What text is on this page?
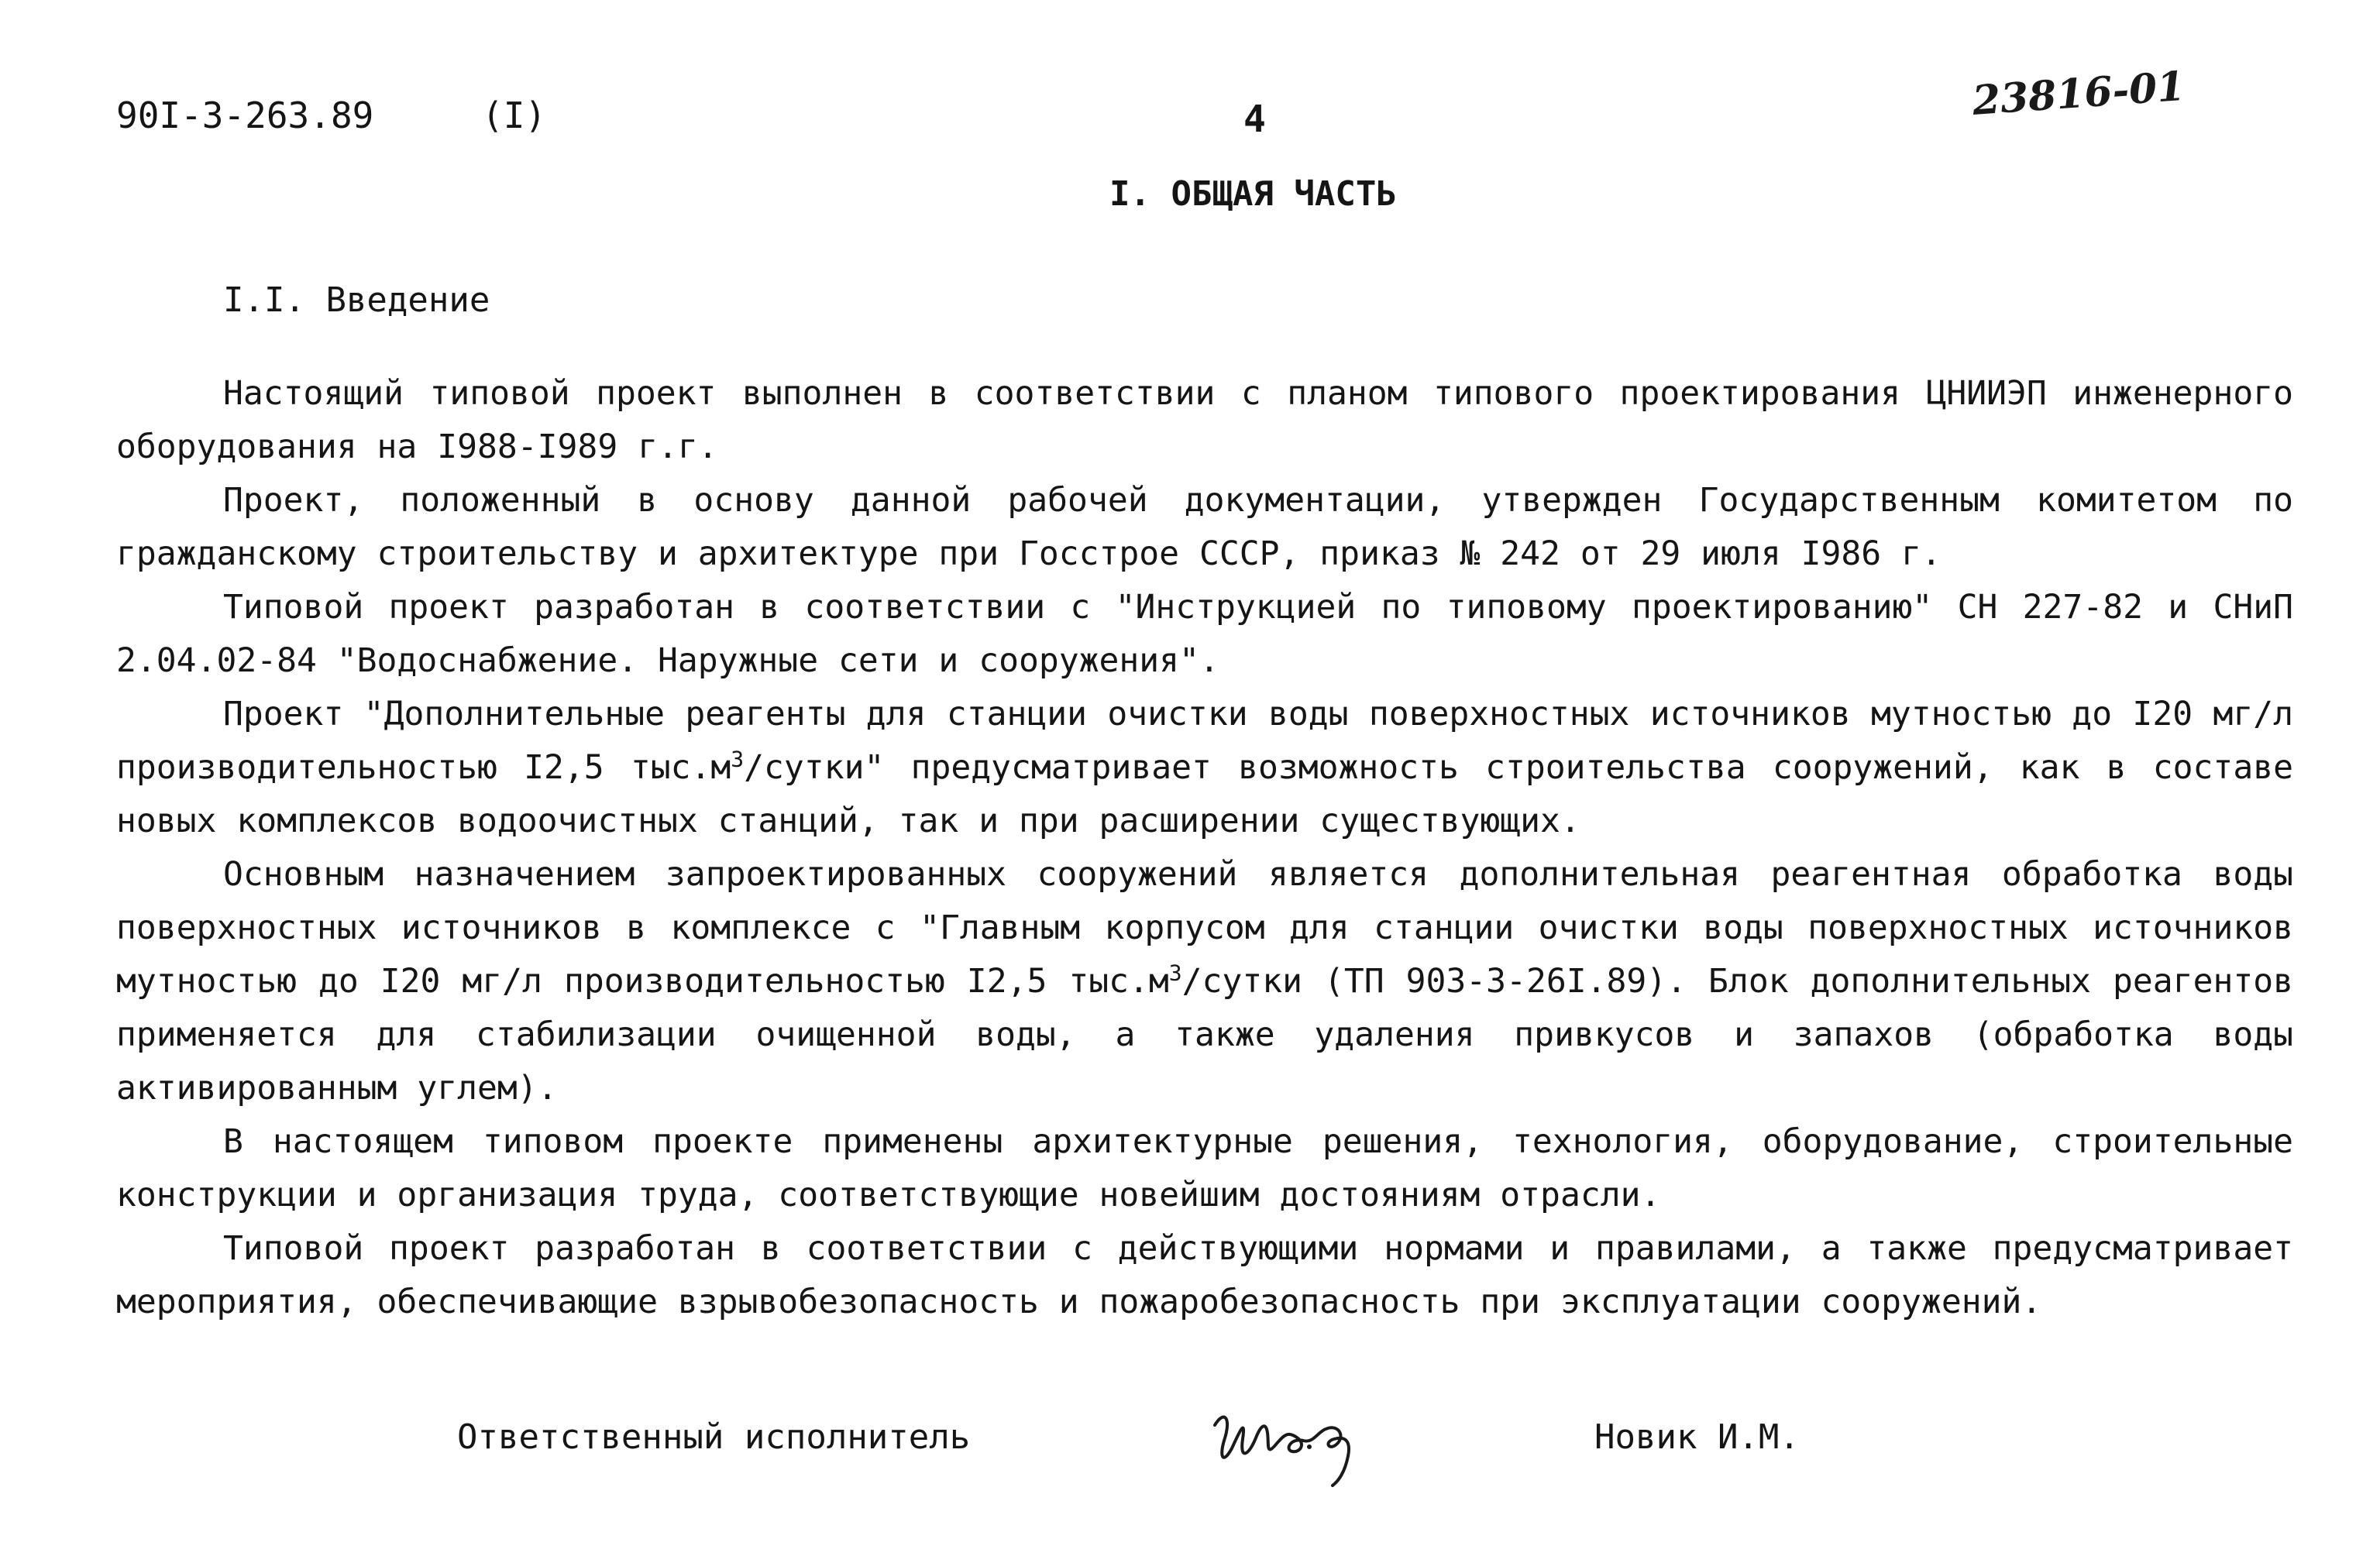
90I-3-263.89	(I)	4	23816-01
I. ОБЩАЯ ЧАСТЬ
I.I. Введение

Настоящий типовой проект выполнен в соответствии с планом типового проектирования ЦНИИЭП инженерного оборудования на I988-I989 г.г.

Проект, положенный в основу данной рабочей документации, утвержден Государственным комитетом по гражданскому строительству и архитектуре при Госстрое СССР, приказ № 242 от 29 июля I986 г.

Типовой проект разработан в соответствии с "Инструкцией по типовому проектированию" СН 227-82 и СНиП 2.04.02-84 "Водоснабжение. Наружные сети и сооружения".

Проект "Дополнительные реагенты для станции очистки воды поверхностных источников мутностью до I20 мг/л производительностью I2,5 $тыс.м^3$/сутки" предусматривает возможность строительства сооружений, как в составе новых комплексов водоочистных станций, так и при расширении существующих.

Основным назначением запроектированных сооружений является дополнительная реагентная обработка воды поверхностных источников в комплексе с "Главным корпусом для станции очистки воды поверхностных источников мутностью до I20 мг/л производительностью I2,5 $тыс.м^3$/сутки (ТП 903-3-26I.89). Блок дополнительных реагентов применяется для стабилизации очищенной воды, а также удаления привкусов и запахов (обработка воды активированным углем).

В настоящем типовом проекте применены архитектурные решения, технология, оборудование, строительные конструкции и организация труда, соответствующие новейшим достояниям отрасли.

Типовой проект разработан в соответствии с действующими нормами и правилами, а также предусматривает мероприятия, обеспечивающие взрывобезопасность и пожаробезопасность при эксплуатации сооружений.

Ответственный исполнитель	Новик И.М.
